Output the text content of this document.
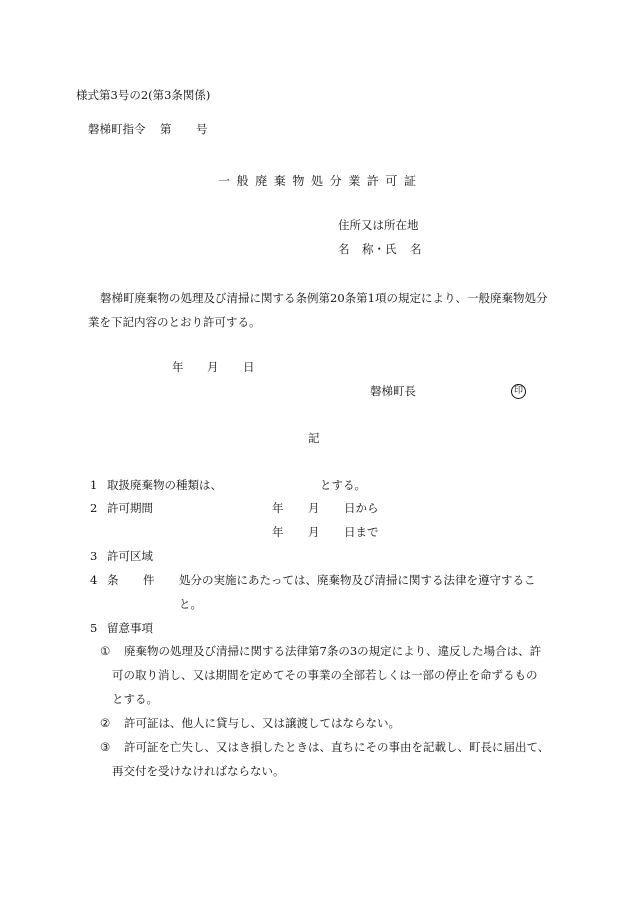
様式第3号の2(第3条関係)
磐梯町指令 第 号
一般廃棄物処分業許可証
住所又は所在地
名 称・氏 名
磐梯町廃棄物の処理及び清掃に関する条例第20条第1項の規定により、一般廃棄物処分
業を下記内容のとおり許可する。
年 月 日
磐梯町長	印
記
1 取扱廃棄物の種類は、	とする。
2 許可期間	年 月 日から
年 月 日まで
3 許可区域
4 条 件 処分の実施にあたっては、廃棄物及び清掃に関する法律を遵守するこ
と。
5 留意事項
① 廃棄物の処理及び清掃に関する法律第7条の3の規定により、違反した場合は、許
可の取り消し、又は期間を定めてその事業の全部若しくは一部の停止を命ずるもの
とする。
② 許可証は、他人に貸与し、又は譲渡してはならない。
③ 許可証を亡失し、又はき損したときは、直ちにその事由を記載し、町長に届出て、
再交付を受けなければならない。
